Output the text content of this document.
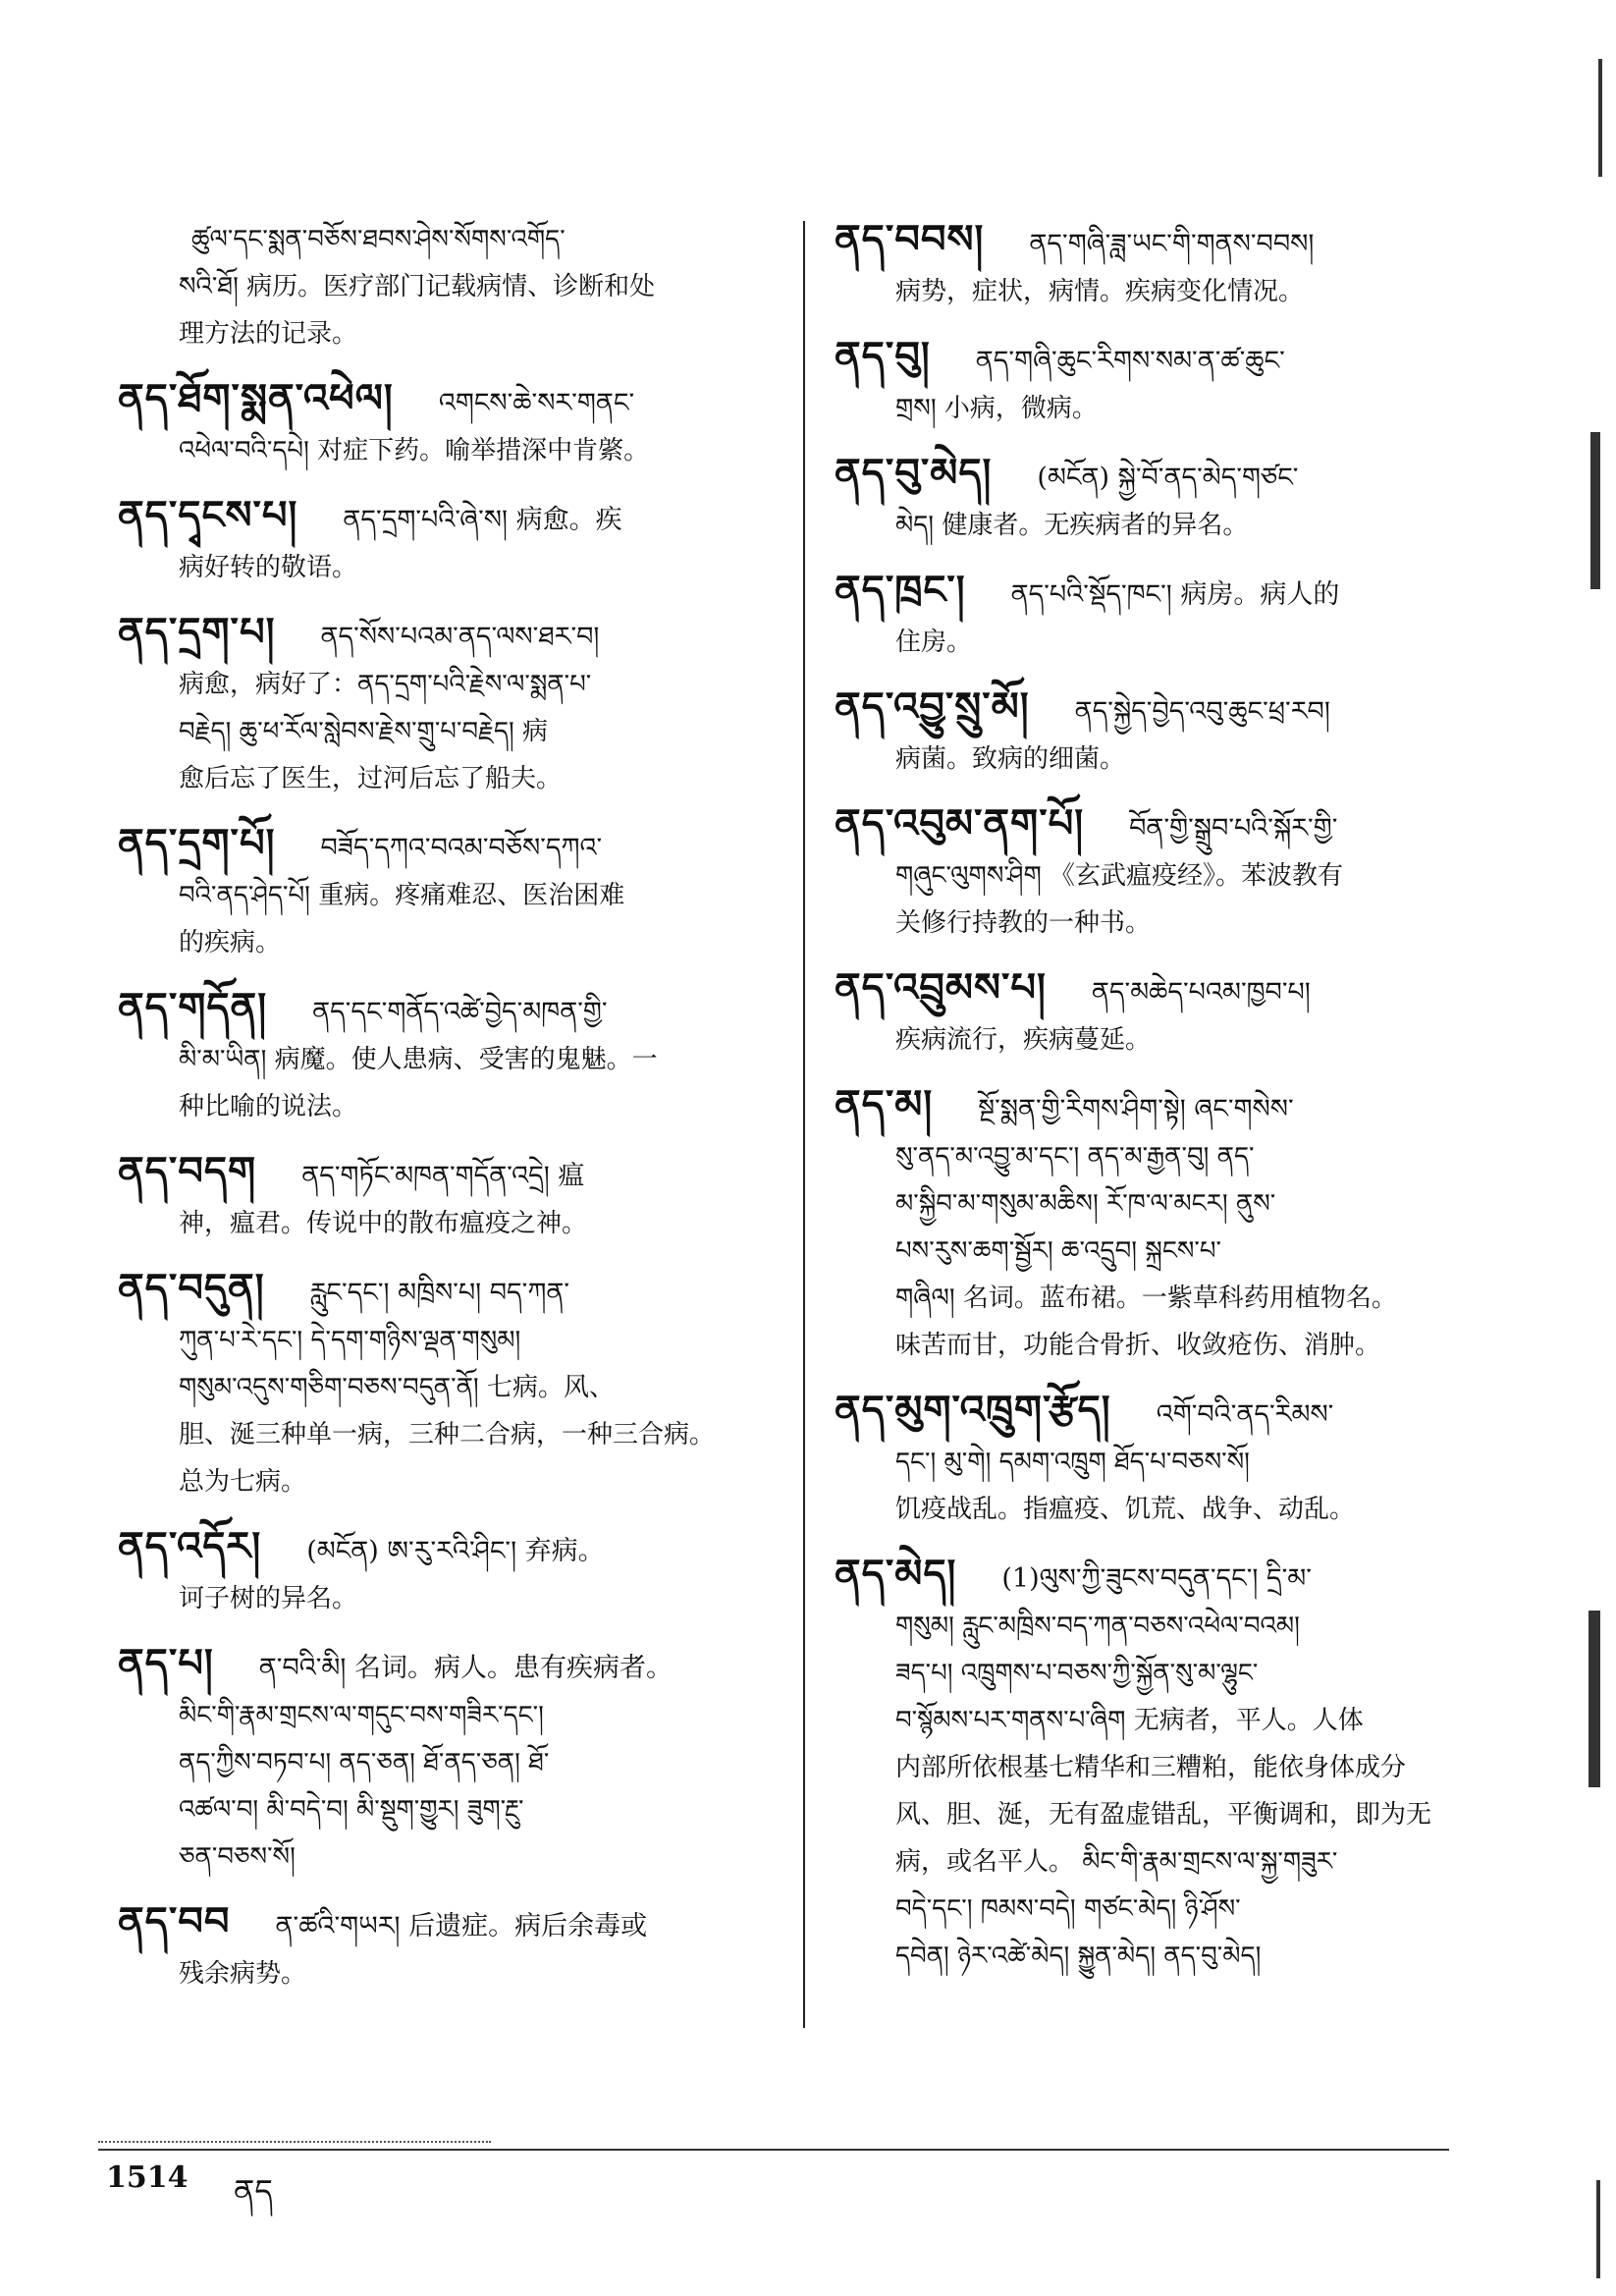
ཚུལ་དང་སྨན་བཅོས་ཐབས་ཤེས་སོགས་འགོད་
སའི་ཐོ། 病历。医疗部门记载病情、诊断和处
理方法的记录。
ནད་ཐོག་སྨན་འཕེལ། འགངས་ཆེ་སར་གནང་
འཕེལ་བའི་དཔེ། 对症下药。喻举措深中肯綮。
ནད་དྭངས་པ། ནད་དྲག་པའི་ཞེ་ས། 病愈。疾
病好转的敬语。
ནད་དྲག་པ། ནད་སོས་པའམ་ནད་ལས་ཐར་བ།
病愈，病好了：ནད་དྲག་པའི་རྗེས་ལ་སྨན་པ་
བརྗེད། ཆུ་ཕ་རོལ་སླེབས་རྗེས་གྲུ་པ་བརྗེད། 病
愈后忘了医生，过河后忘了船夫。
ནད་དྲག་པོ། བཟོད་དཀའ་བའམ་བཅོས་དཀའ་
བའི་ནད་ཤེད་པོ། 重病。疼痛难忍、医治困难
的疾病。
ནད་གདོན། ནད་དང་གནོད་འཚེ་བྱེད་མཁན་གྱི་
མི་མ་ཡིན། 病魔。使人患病、受害的鬼魅。一
种比喻的说法。
ནད་བདག ནད་གཏོང་མཁན་གདོན་འདྲེ། 瘟
神，瘟君。传说中的散布瘟疫之神。
ནད་བདུན། རླུང་དང་། མཁྲིས་པ། བད་ཀན་
ཀུན་པ་རེ་དང་། དེ་དག་གཉིས་ལྡན་གསུམ།
གསུམ་འདུས་གཅིག་བཅས་བདུན་ནོ། 七病。风、
胆、涎三种单一病，三种二合病，一种三合病。
总为七病。
ནད་འདོར། (མངོན) ཨ་རུ་རའི་ཤིང་། 弃病。
诃子树的异名。
ནད་པ། ན་བའི་མི། 名词。病人。患有疾病者。
མིང་གི་རྣམ་གྲངས་ལ་གདུང་བས་གཟིར་དང་།
ནད་ཀྱིས་བཏབ་པ། ནད་ཅན། ཐོ་ནད་ཅན། ཐོ་
འཚལ་བ། མི་བདེ་བ། མི་སྡུག་གྱུར། ཟུག་རྔུ་
ཅན་བཅས་སོ།
ནད་བབ ན་ཚའི་གཡར། 后遗症。病后余毒或
残余病势。
ནད་བབས། ནད་གཞི་ཟླ་ཡང་གི་གནས་བབས།
病势，症状，病情。疾病变化情况。
ནད་བུ། ནད་གཞི་ཆུང་རིགས་སམ་ན་ཚ་ཆུང་
གྲས། 小病，微病。
ནད་བུ་མེད། (མངོན) སྐྱེ་བོ་ནད་མེད་གཙང་
མེད། 健康者。无疾病者的异名。
ནད་ཁྲང་། ནད་པའི་སྡོད་ཁང་། 病房。病人的
住房。
ནད་འབྱུ་སྲུ་མོ། ནད་སྐྱེད་བྱེད་འབུ་ཆུང་ཕྲ་རབ།
病菌。致病的细菌。
ནད་འབུམ་ནག་པོ། བོན་གྱི་སྒྲུབ་པའི་སྐོར་གྱི་
གཞུང་ལུགས་ཤིག 《玄武瘟疫经》。苯波教有
关修行持教的一种书。
ནད་འབྲུམས་པ། ནད་མཆེད་པའམ་ཁྱབ་པ།
疾病流行，疾病蔓延。
ནད་མ། སྔོ་སྨན་གྱི་རིགས་ཤིག་སྟེ། ཞང་གསེས་
སུ་ནད་མ་འབྱུ་མ་དང་། ནད་མ་རྒྱན་བུ། ནད་
མ་སྐྱིབ་མ་གསུམ་མཆིས། རོ་ཁ་ལ་མངར། ནུས་
པས་རུས་ཆག་སྦྱོར། ཆ་འདྲུབ། སྐྲངས་པ་
གཞིལ། 名词。蓝布裙。一紫草科药用植物名。
味苦而甘，功能合骨折、收敛疮伤、消肿。
ནད་མུག་འཁྲུག་རྩོད། འགོ་བའི་ནད་རིམས་
དང་། མུ་གེ། དམག་འཁྲུག ཐོད་པ་བཅས་སོ།
饥疫战乱。指瘟疫、饥荒、战争、动乱。
ནད་མེད། (1)ལུས་ཀྱི་ཟུངས་བདུན་དང་། དྲི་མ་
གསུམ། རླུང་མཁྲིས་བད་ཀན་བཅས་འཕེལ་བའམ།
ཟད་པ། འཁྲུགས་པ་བཅས་ཀྱི་སྐྱོན་སུ་མ་ལྷུང་
བ་སྙོམས་པར་གནས་པ་ཞིག 无病者，平人。人体
内部所依根基七精华和三糟粕，能依身体成分
风、胆、涎，无有盈虚错乱，平衡调和，即为无
病，或名平人。 མིང་གི་རྣམ་གྲངས་ལ་སྐྱ་གཟུར་
བདེ་དང་། ཁམས་བདེ། གཙང་མེད། ཉི་ཤོས་
དབེན། ཉེར་འཚེ་མེད། སྐྱུན་མེད། ནད་བུ་མེད།
1514 ནད
